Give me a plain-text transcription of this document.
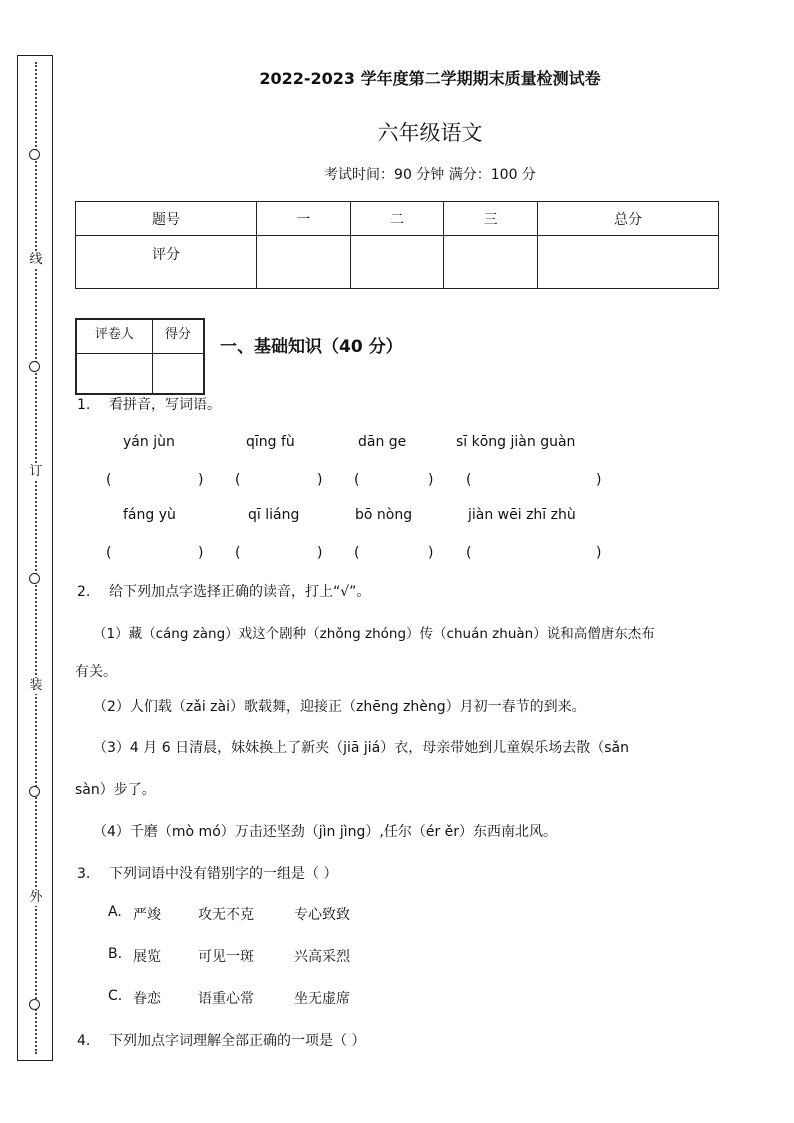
线
订
装
外
2022-2023 学年度第二学期期末质量检测试卷
六年级语文
考试时间：90 分钟 满分：100 分
题号	一	二	三	总分
评分				
评卷人	得分

一、基础知识（40 分）
1. 看拼音，写词语。
yán jùn	qīng fù	dān ge	sī kōng jiàn guàn
(	) (	) (	) (	)
fáng yù	qī liáng	bō nòng	jiàn wēi zhī zhù
(	) (	) (	) (	)
2. 给下列加点字选择正确的读音，打上“√”。
（1）藏（cáng zàng）戏这个剧种（zhǒng zhóng）传（chuán zhuàn）说和高僧唐东杰布
有关。
（2）人们载（zǎi zài）歌载舞，迎接正（zhēng zhèng）月初一春节的到来。
（3）4 月 6 日清晨，妹妹换上了新夹（jiā jiá）衣，母亲带她到儿童娱乐场去散（sǎn
sàn）步了。
（4）千磨（mò mó）万击还坚劲（jìn jìng）,任尔（ér ěr）东西南北风。
3. 下列词语中没有错别字的一组是（ ）
A. 严竣	攻无不克	专心致致
B. 展览	可见一斑	兴高采烈
C. 眷恋	语重心常	坐无虚席
4. 下列加点字词理解全部正确的一项是（ ）
